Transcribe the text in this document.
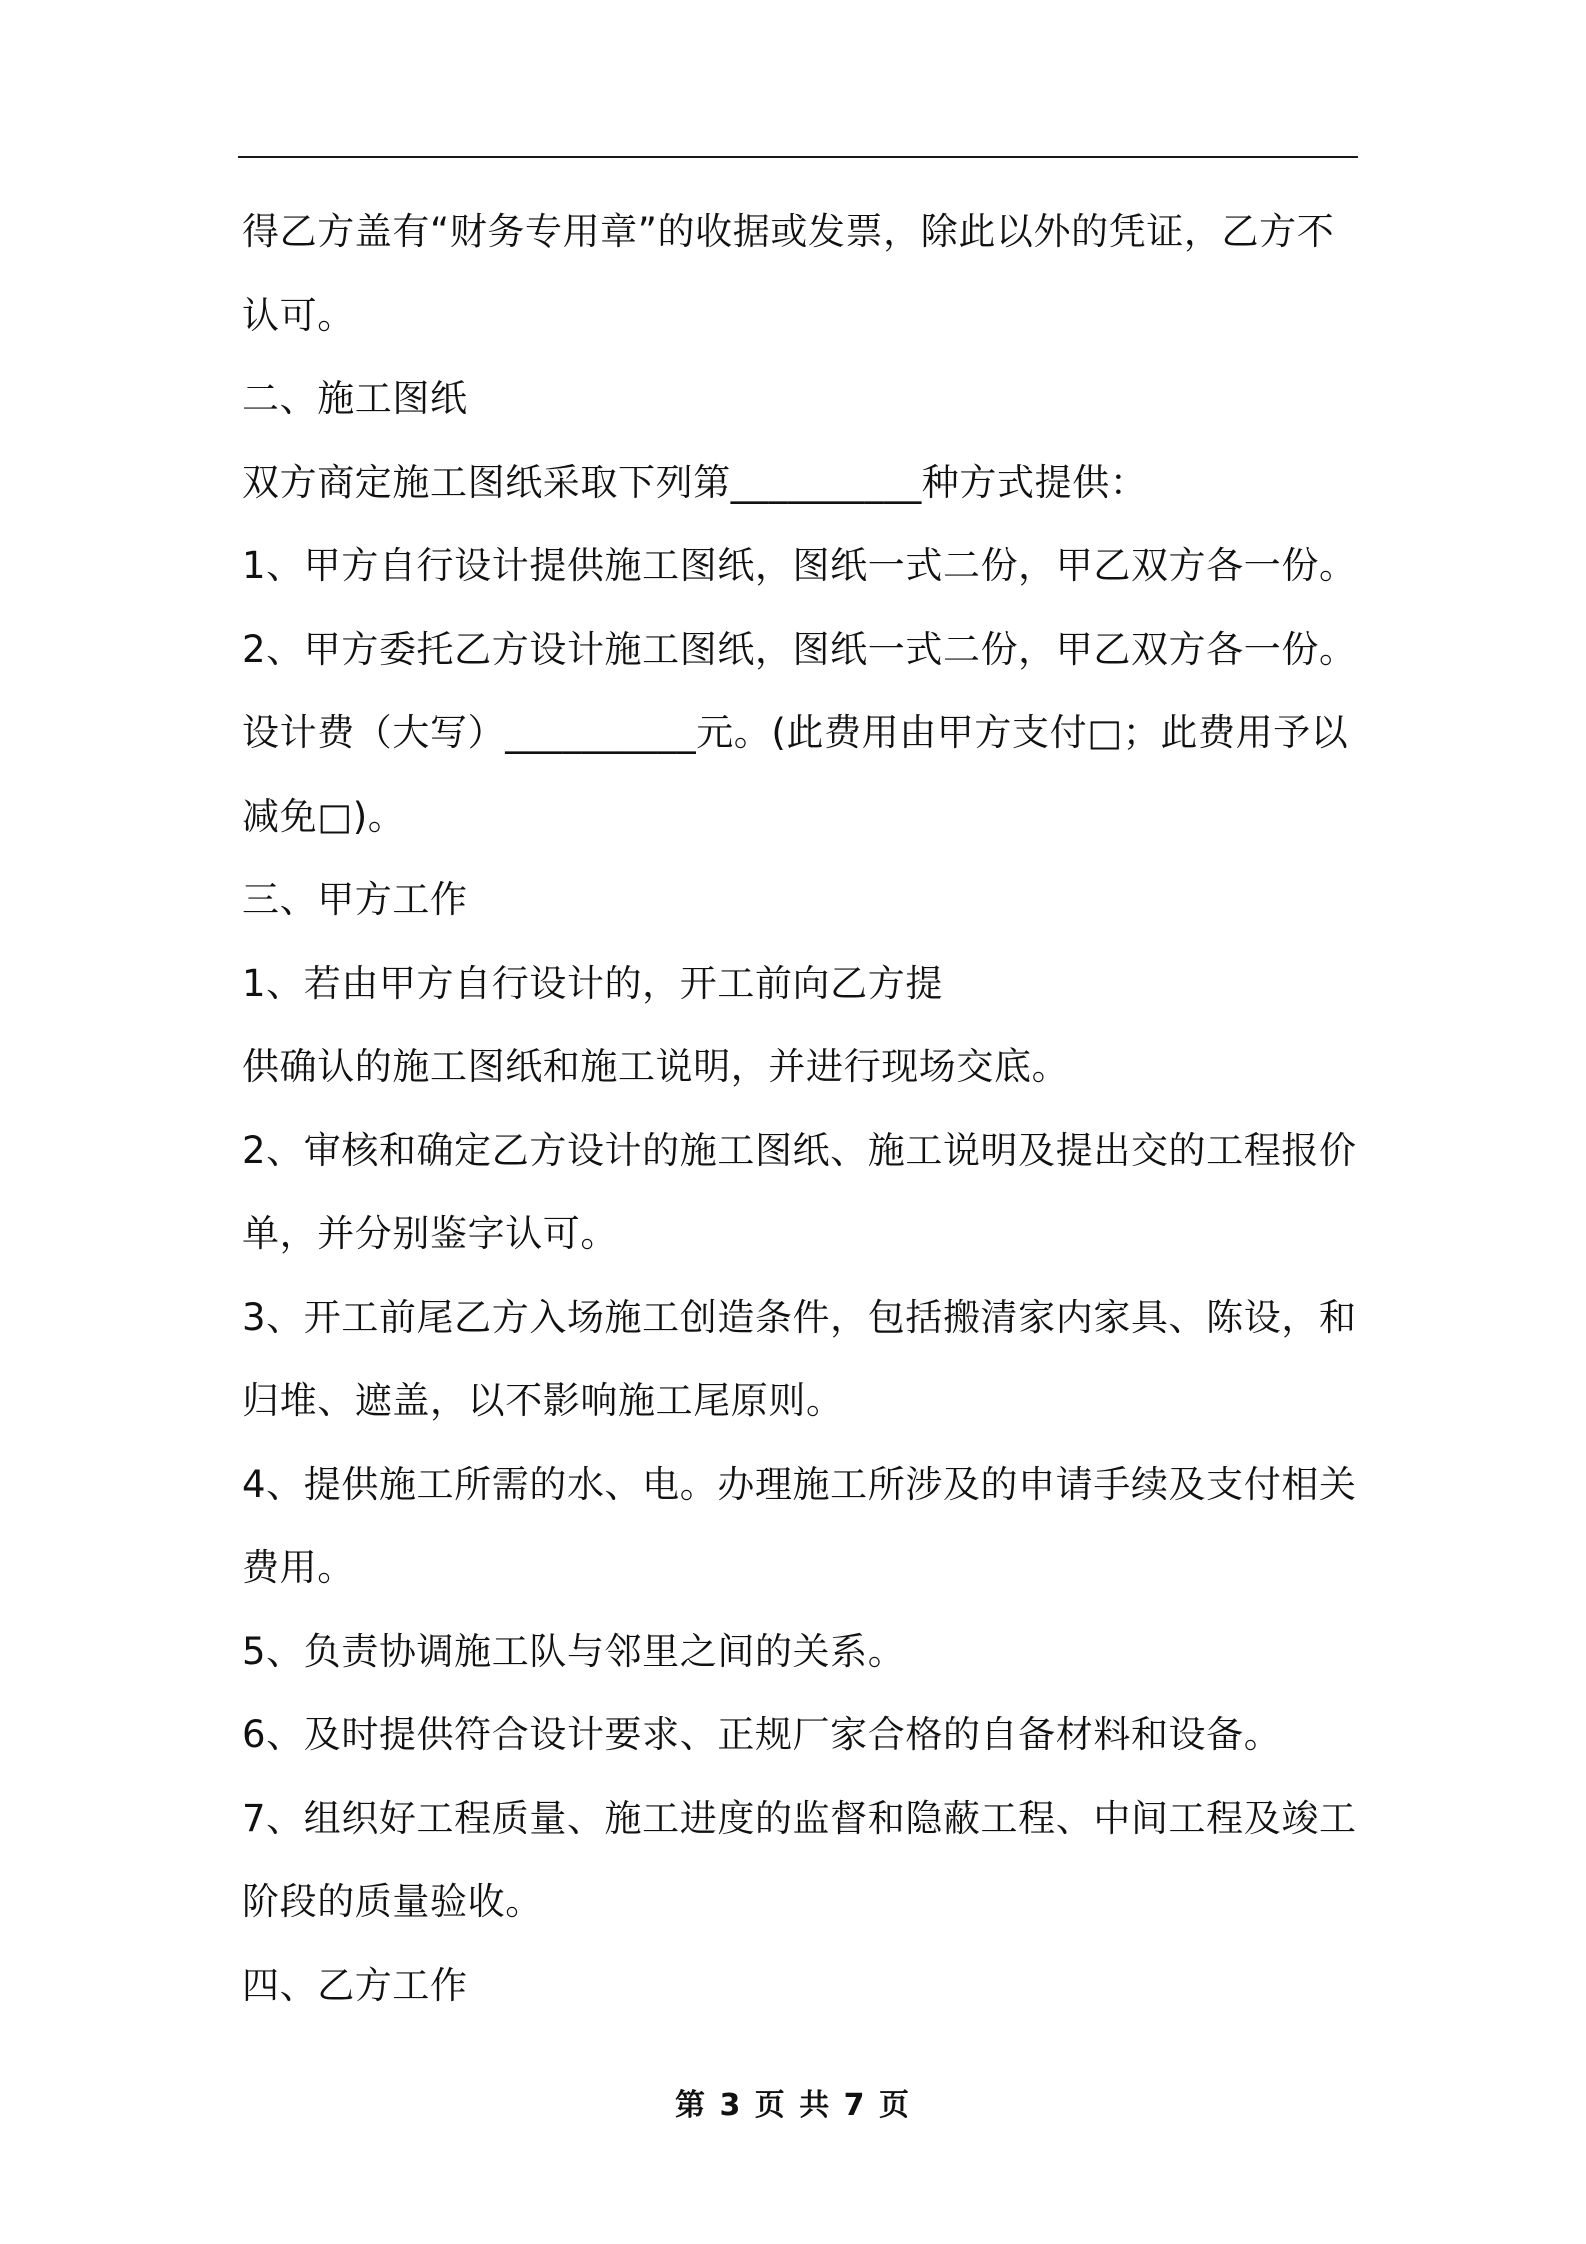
得乙方盖有“财务专用章”的收据或发票，除此以外的凭证，乙方不
认可。
二、施工图纸
双方商定施工图纸采取下列第__________种方式提供：
1、甲方自行设计提供施工图纸，图纸一式二份，甲乙双方各一份。
2、甲方委托乙方设计施工图纸，图纸一式二份，甲乙双方各一份。
设计费（大写）__________元。(此费用由甲方支付□；此费用予以
减免□)。
三、甲方工作
1、若由甲方自行设计的，开工前向乙方提
供确认的施工图纸和施工说明，并进行现场交底。
2、审核和确定乙方设计的施工图纸、施工说明及提出交的工程报价
单，并分别鉴字认可。
3、开工前尾乙方入场施工创造条件，包括搬清家内家具、陈设，和
归堆、遮盖，以不影响施工尾原则。
4、提供施工所需的水、电。办理施工所涉及的申请手续及支付相关
费用。
5、负责协调施工队与邻里之间的关系。
6、及时提供符合设计要求、正规厂家合格的自备材料和设备。
7、组织好工程质量、施工进度的监督和隐蔽工程、中间工程及竣工
阶段的质量验收。
四、乙方工作
第 3 页 共 7 页
